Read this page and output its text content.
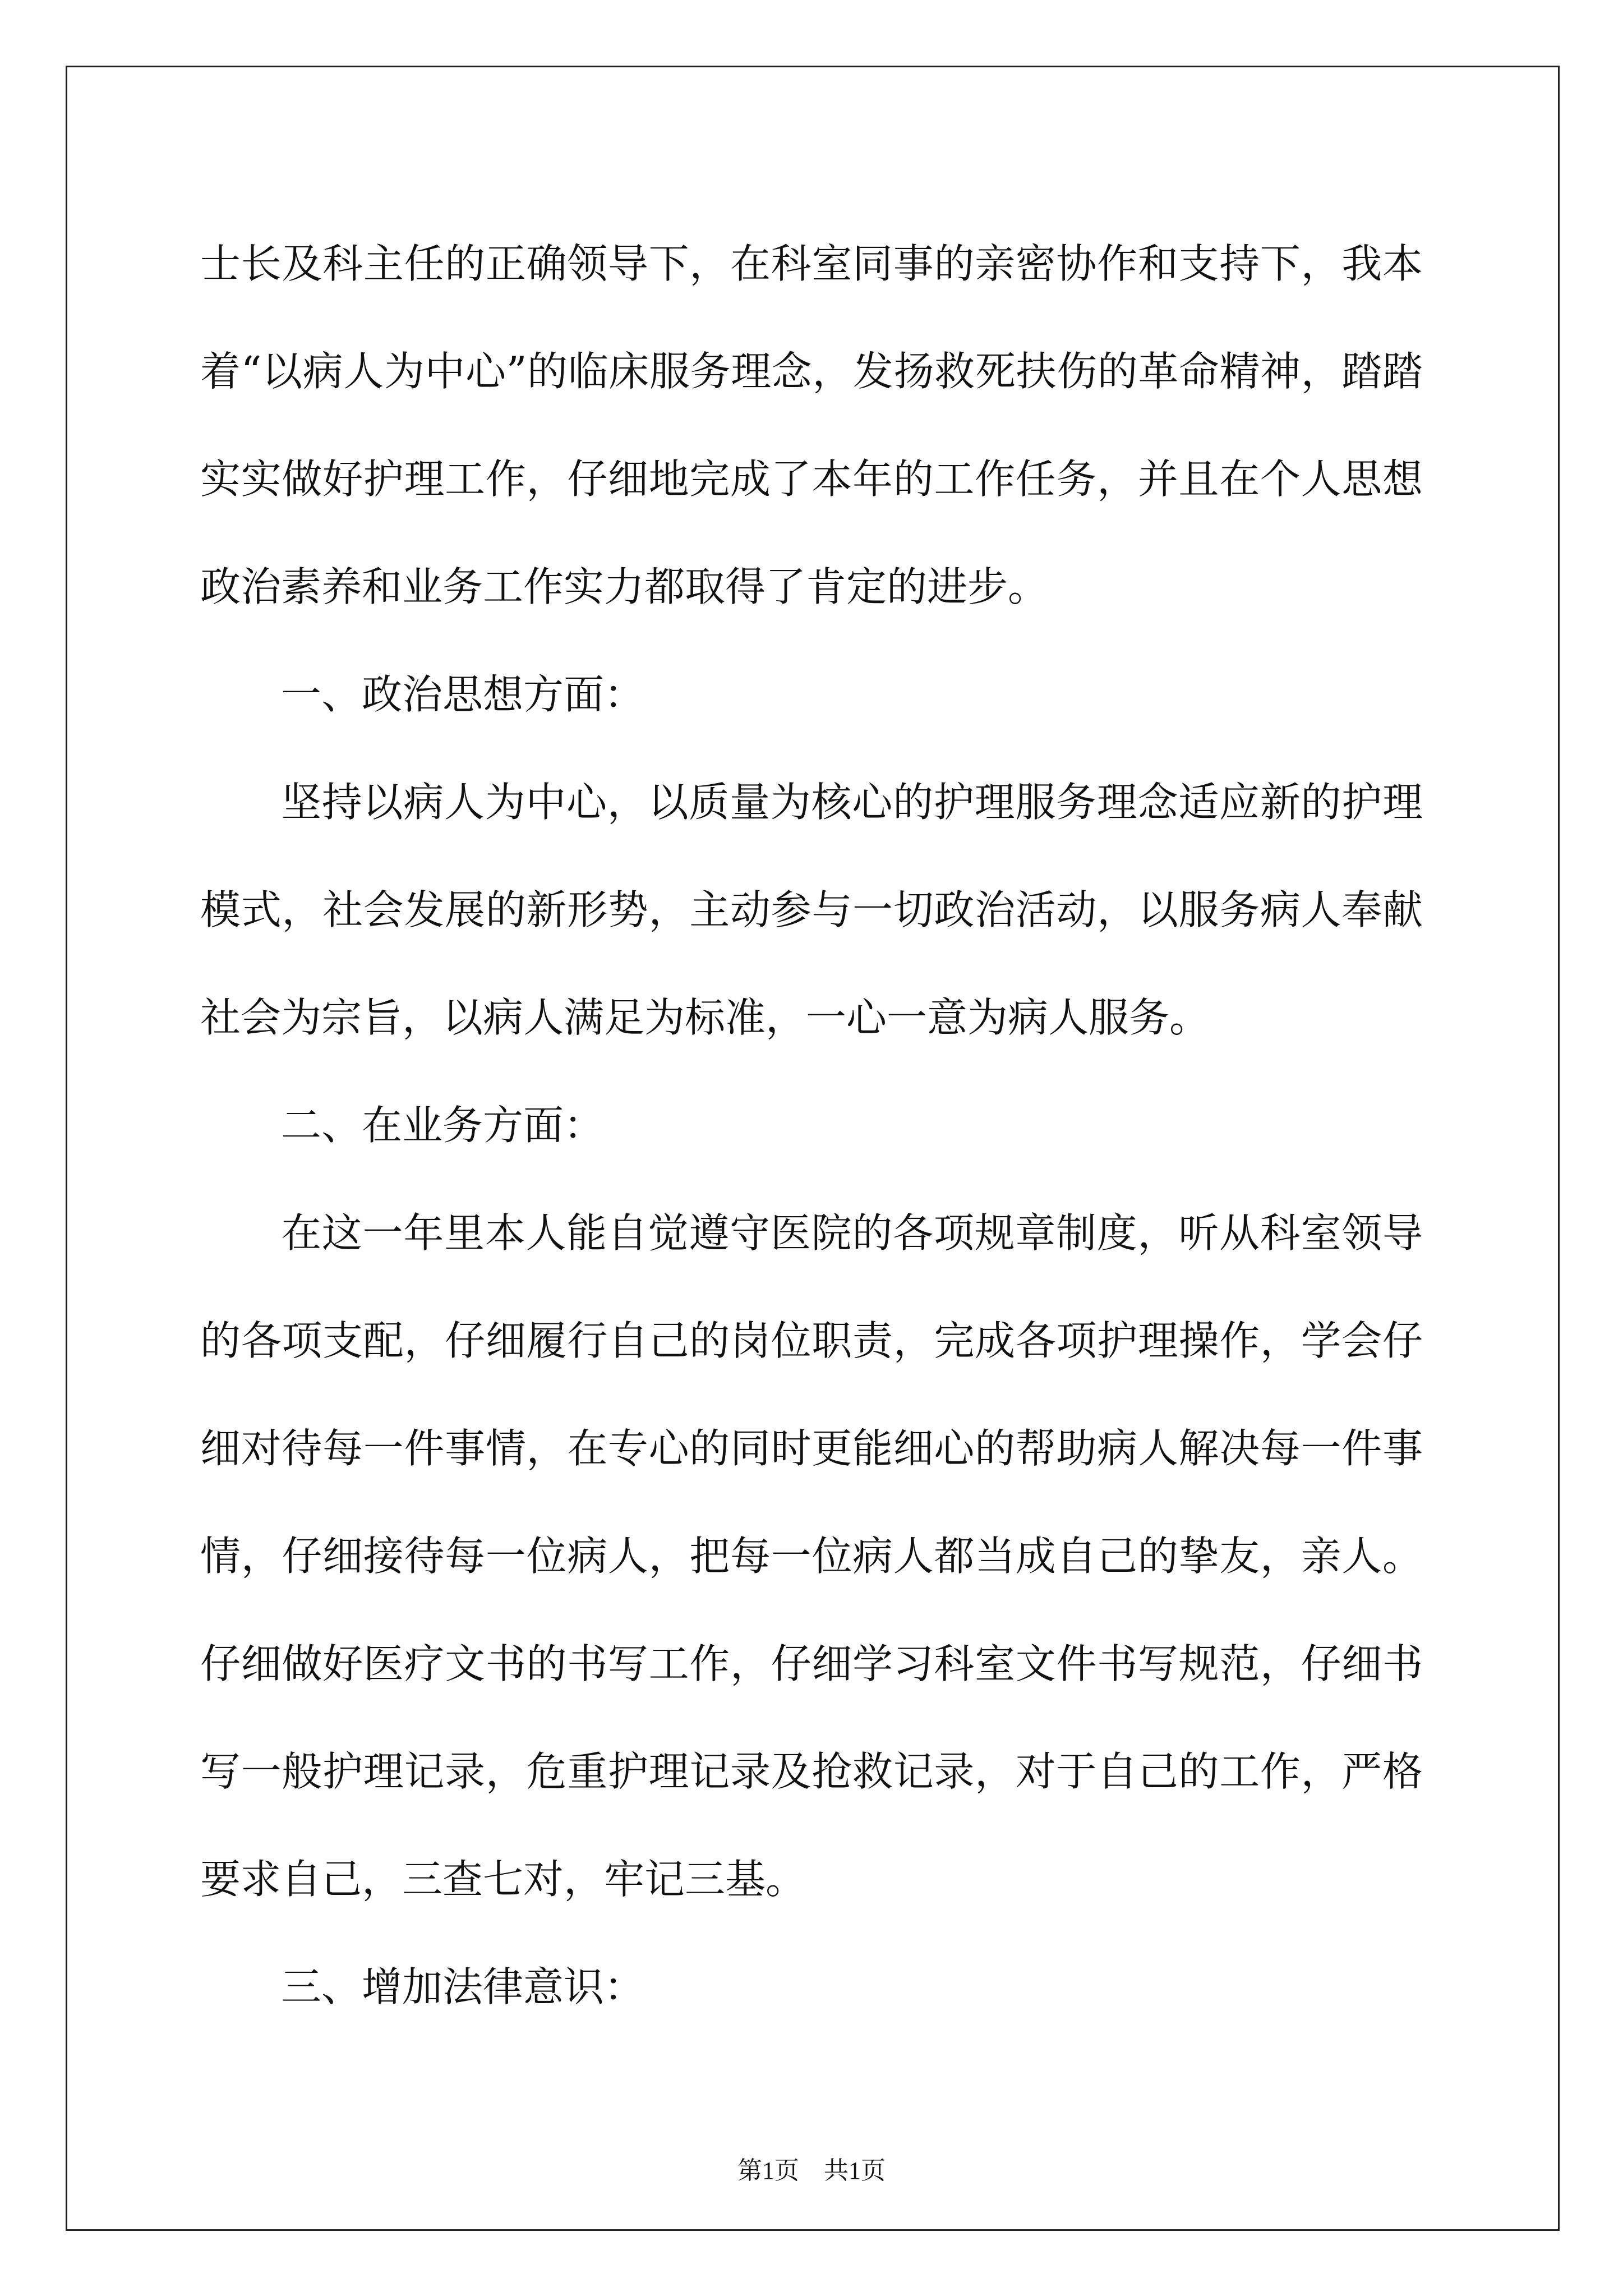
士长及科主任的正确领导下，在科室同事的亲密协作和支持下，我本着“以病人为中心”的临床服务理念，发扬救死扶伤的革命精神，踏踏实实做好护理工作，仔细地完成了本年的工作任务，并且在个人思想政治素养和业务工作实力都取得了肯定的进步。

一、政治思想方面：

坚持以病人为中心，以质量为核心的护理服务理念适应新的护理模式，社会发展的新形势，主动参与一切政治活动，以服务病人奉献社会为宗旨，以病人满足为标准，一心一意为病人服务。

二、在业务方面：

在这一年里本人能自觉遵守医院的各项规章制度，听从科室领导的各项支配，仔细履行自己的岗位职责，完成各项护理操作，学会仔细对待每一件事情，在专心的同时更能细心的帮助病人解决每一件事情，仔细接待每一位病人，把每一位病人都当成自己的挚友，亲人。仔细做好医疗文书的书写工作，仔细学习科室文件书写规范，仔细书写一般护理记录，危重护理记录及抢救记录，对于自己的工作，严格要求自己，三查七对，牢记三基。

三、增加法律意识：

第1页　共1页
